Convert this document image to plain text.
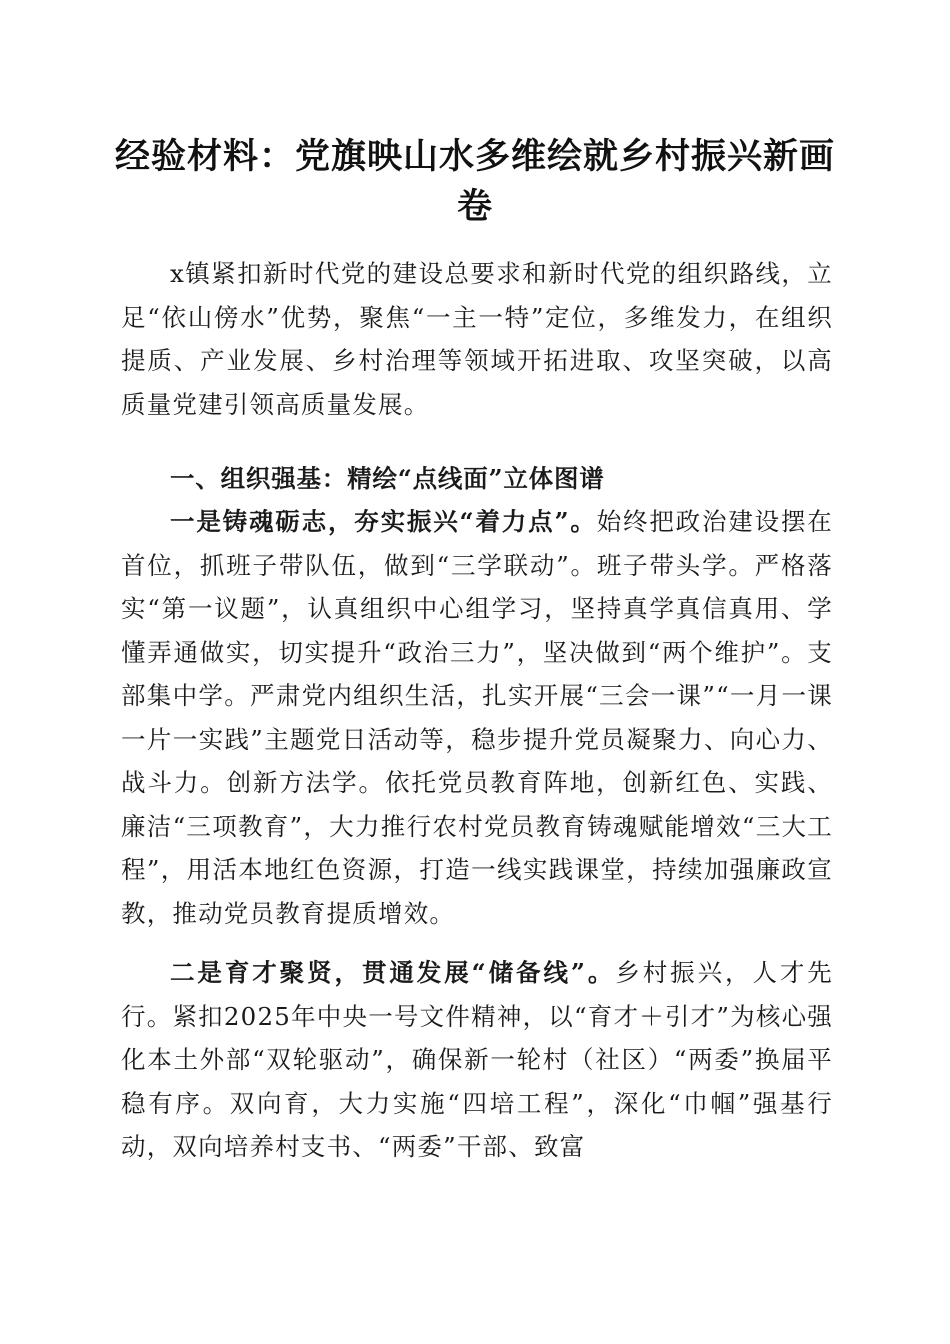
经验材料：党旗映山水多维绘就乡村振兴新画卷

x镇紧扣新时代党的建设总要求和新时代党的组织路线，立足“依山傍水”优势，聚焦“一主一特”定位，多维发力，在组织提质、产业发展、乡村治理等领域开拓进取、攻坚突破，以高质量党建引领高质量发展。

一、组织强基：精绘“点线面”立体图谱

一是铸魂砺志，夯实振兴“着力点”。始终把政治建设摆在首位，抓班子带队伍，做到“三学联动”。班子带头学。严格落实“第一议题”，认真组织中心组学习，坚持真学真信真用、学懂弄通做实，切实提升“政治三力”，坚决做到“两个维护”。支部集中学。严肃党内组织生活，扎实开展“三会一课”“一月一课一片一实践”主题党日活动等，稳步提升党员凝聚力、向心力、战斗力。创新方法学。依托党员教育阵地，创新红色、实践、廉洁“三项教育”，大力推行农村党员教育铸魂赋能增效“三大工程”，用活本地红色资源，打造一线实践课堂，持续加强廉政宣教，推动党员教育提质增效。

二是育才聚贤，贯通发展“储备线”。乡村振兴，人才先行。紧扣2025年中央一号文件精神，以“育才＋引才”为核心强化本土外部“双轮驱动”，确保新一轮村（社区）“两委”换届平稳有序。双向育，大力实施“四培工程”，深化“巾帼”强基行动，双向培养村支书、“两委”干部、致富
